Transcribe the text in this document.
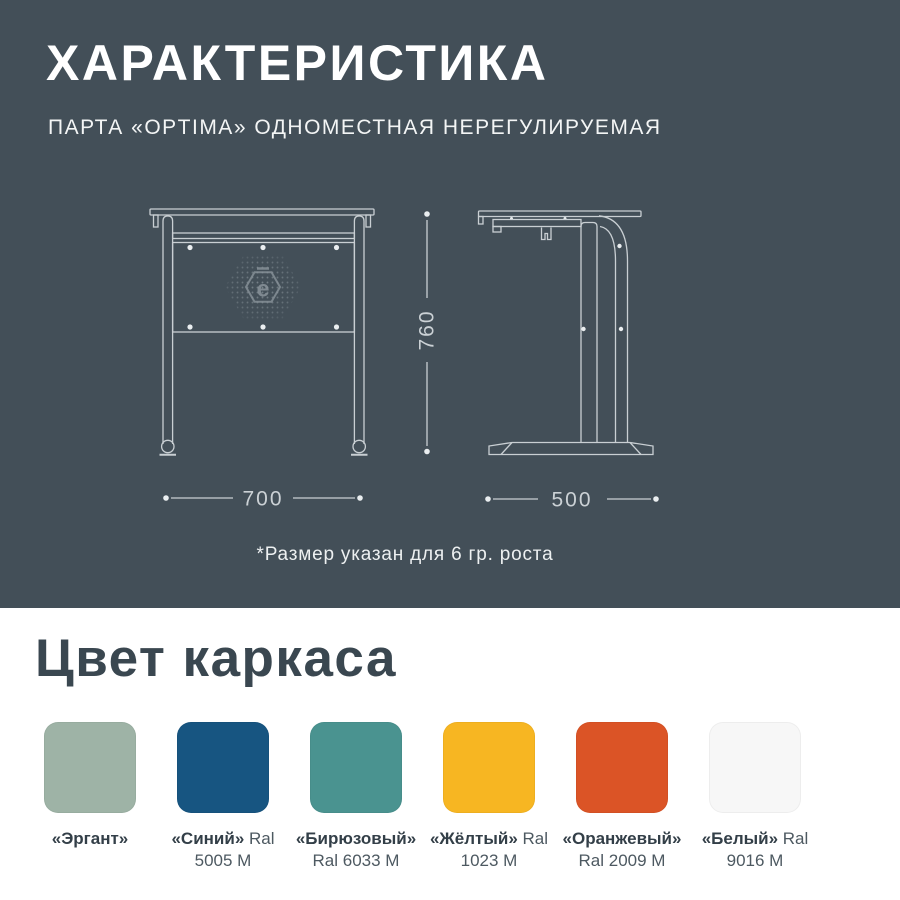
ХАРАКТЕРИСТИКА
ПАРТА «OPTIMA» ОДНОМЕСТНАЯ НЕРЕГУЛИРУЕМАЯ
e
700
760
500
*Размер указан для 6 гр. роста
Цвет каркаса
«Эргант»	«Синий» Ral 5005 M
«Бирюзовый» Ral 6033 M
«Жёлтый» Ral 1023 M
«Оранжевый» Ral 2009 M
«Белый» Ral 9016 M
